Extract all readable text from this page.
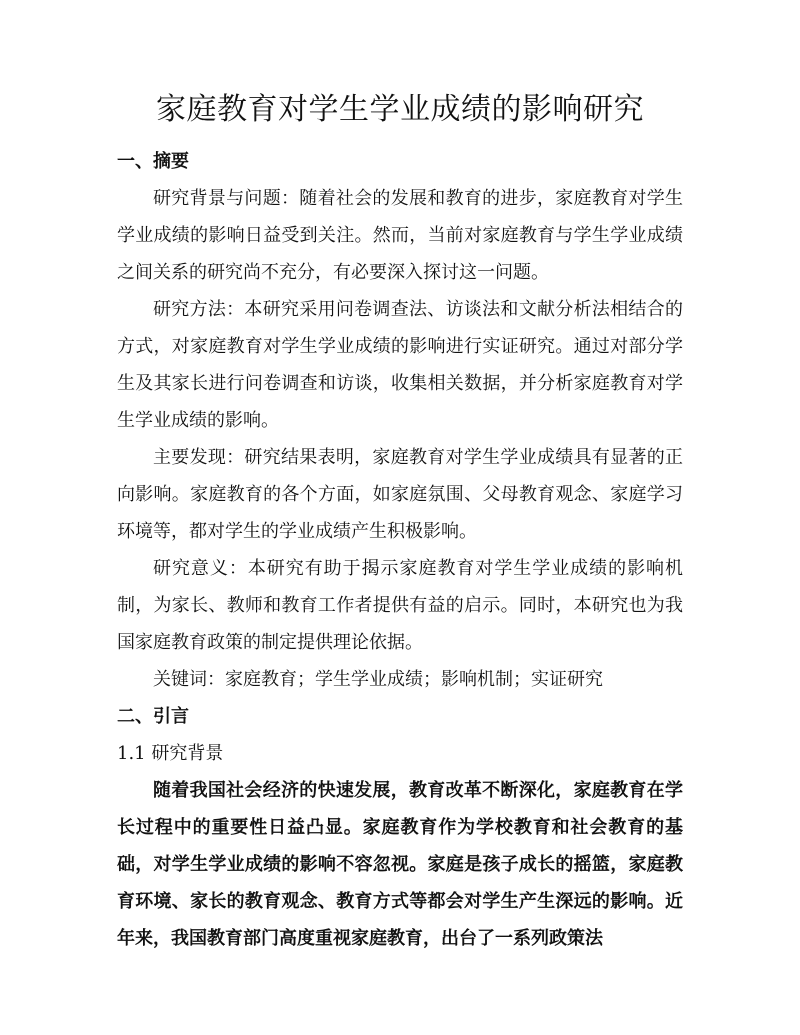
家庭教育对学生学业成绩的影响研究

一、摘要

研究背景与问题：随着社会的发展和教育的进步，家庭教育对学生学业成绩的影响日益受到关注。然而，当前对家庭教育与学生学业成绩之间关系的研究尚不充分，有必要深入探讨这一问题。

研究方法：本研究采用问卷调查法、访谈法和文献分析法相结合的方式，对家庭教育对学生学业成绩的影响进行实证研究。通过对部分学生及其家长进行问卷调查和访谈，收集相关数据，并分析家庭教育对学生学业成绩的影响。

主要发现：研究结果表明，家庭教育对学生学业成绩具有显著的正向影响。家庭教育的各个方面，如家庭氛围、父母教育观念、家庭学习环境等，都对学生的学业成绩产生积极影响。

研究意义：本研究有助于揭示家庭教育对学生学业成绩的影响机制，为家长、教师和教育工作者提供有益的启示。同时，本研究也为我国家庭教育政策的制定提供理论依据。

关键词：家庭教育；学生学业成绩；影响机制；实证研究

二、引言

1.1 研究背景

随着我国社会经济的快速发展，教育改革不断深化，家庭教育在学长过程中的重要性日益凸显。家庭教育作为学校教育和社会教育的基础，对学生学业成绩的影响不容忽视。家庭是孩子成长的摇篮，家庭教育环境、家长的教育观念、教育方式等都会对学生产生深远的影响。近年来，我国教育部门高度重视家庭教育，出台了一系列政策法
